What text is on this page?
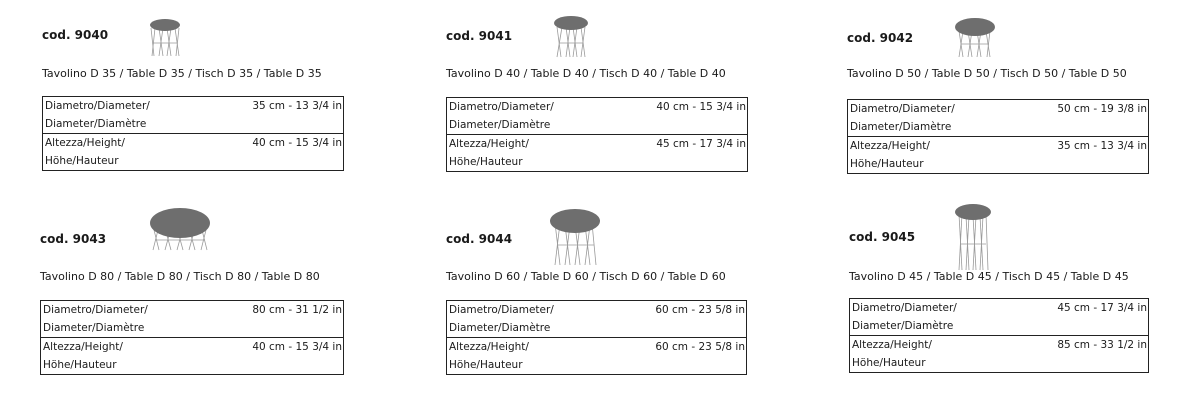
cod. 9040
Tavolino D 35 / Table D 35 / Tisch D 35 / Table D 35
Diametro/Diameter/
Diameter/Diamètre	35 cm - 13 3/4 in

Altezza/Height/
Höhe/Hauteur	40 cm - 15 3/4 in
cod. 9041
Tavolino D 40 / Table D 40 / Tisch D 40 / Table D 40
Diametro/Diameter/
Diameter/Diamètre	40 cm - 15 3/4 in

Altezza/Height/
Höhe/Hauteur	45 cm - 17 3/4 in
cod. 9042
Tavolino D 50 / Table D 50 / Tisch D 50 / Table D 50
Diametro/Diameter/
Diameter/Diamètre	50 cm - 19 3/8 in

Altezza/Height/
Höhe/Hauteur	35 cm - 13 3/4 in
cod. 9043
Tavolino D 80 / Table D 80 / Tisch D 80 / Table D 80
Diametro/Diameter/
Diameter/Diamètre	80 cm - 31 1/2 in

Altezza/Height/
Höhe/Hauteur	40 cm - 15 3/4 in
cod. 9044
Tavolino D 60 / Table D 60 / Tisch D 60 / Table D 60
Diametro/Diameter/
Diameter/Diamètre	60 cm - 23 5/8 in

Altezza/Height/
Höhe/Hauteur	60 cm - 23 5/8 in
cod. 9045
Tavolino D 45 / Table D 45 / Tisch D 45 / Table D 45
Diametro/Diameter/
Diameter/Diamètre	45 cm - 17 3/4 in

Altezza/Height/
Höhe/Hauteur	85 cm - 33 1/2 in
